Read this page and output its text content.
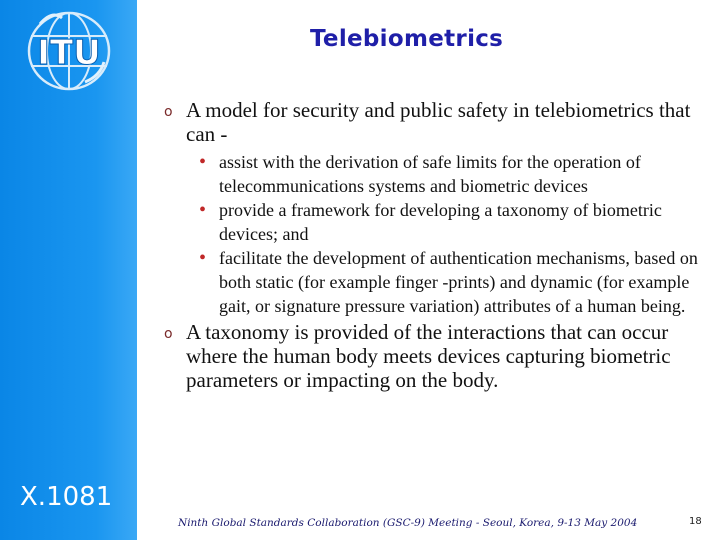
ITU
X.1081
Telebiometrics
o A model for security and public safety in telebiometrics that can -
• assist with the derivation of safe limits for the operation of telecommunications systems and biometric devices
• provide a framework for developing a taxonomy of biometric devices; and
• facilitate the development of authentication mechanisms, based on both static (for example finger -prints) and dynamic (for example gait, or signature pressure variation) attributes of a human being.
o A taxonomy is provided of the interactions that can occur where the human body meets devices capturing biometric parameters or impacting on the body.
Ninth Global Standards Collaboration (GSC-9) Meeting - Seoul, Korea, 9-13 May 2004	18
